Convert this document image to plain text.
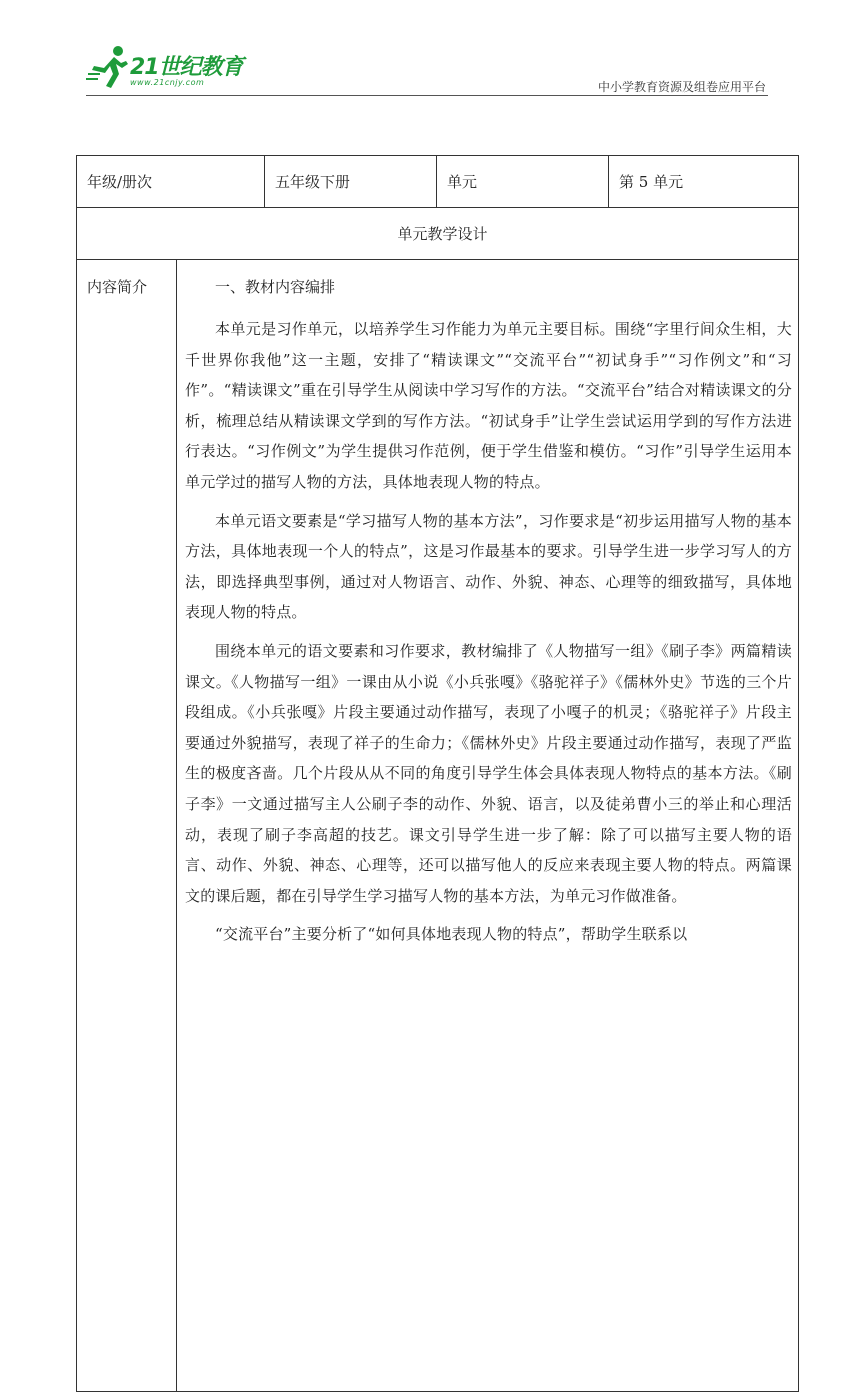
21世纪教育
www.21cnjy.com	中小学教育资源及组卷应用平台
年级/册次		五年级下册	单元	第 5 单元
单元教学设计				
内容简介	一、教材内容编排

本单元是习作单元，以培养学生习作能力为单元主要目标。围绕“字里行间众生相，大千世界你我他”这一主题，安排了“精读课文”“交流平台”“初试身手”“习作例文”和“习作”。“精读课文”重在引导学生从阅读中学习写作的方法。“交流平台”结合对精读课文的分析，梳理总结从精读课文学到的写作方法。“初试身手”让学生尝试运用学到的写作方法进行表达。“习作例文”为学生提供习作范例，便于学生借鉴和模仿。“习作”引导学生运用本单元学过的描写人物的方法，具体地表现人物的特点。

本单元语文要素是“学习描写人物的基本方法”，习作要求是“初步运用描写人物的基本方法，具体地表现一个人的特点”，这是习作最基本的要求。引导学生进一步学习写人的方法，即选择典型事例，通过对人物语言、动作、外貌、神态、心理等的细致描写，具体地表现人物的特点。

围绕本单元的语文要素和习作要求，教材编排了《人物描写一组》《刷子李》两篇精读课文。《人物描写一组》一课由从小说《小兵张嘎》《骆驼祥子》《儒林外史》节选的三个片段组成。《小兵张嘎》片段主要通过动作描写，表现了小嘎子的机灵；《骆驼祥子》片段主要通过外貌描写，表现了祥子的生命力；《儒林外史》片段主要通过动作描写，表现了严监生的极度吝啬。几个片段从从不同的角度引导学生体会具体表现人物特点的基本方法。《刷子李》一文通过描写主人公刷子李的动作、外貌、语言，以及徒弟曹小三的举止和心理活动，表现了刷子李高超的技艺。课文引导学生进一步了解：除了可以描写主要人物的语言、动作、外貌、神态、心理等，还可以描写他人的反应来表现主要人物的特点。两篇课文的课后题，都在引导学生学习描写人物的基本方法，为单元习作做准备。

“交流平台”主要分析了“如何具体地表现人物的特点”，帮助学生联系以			
